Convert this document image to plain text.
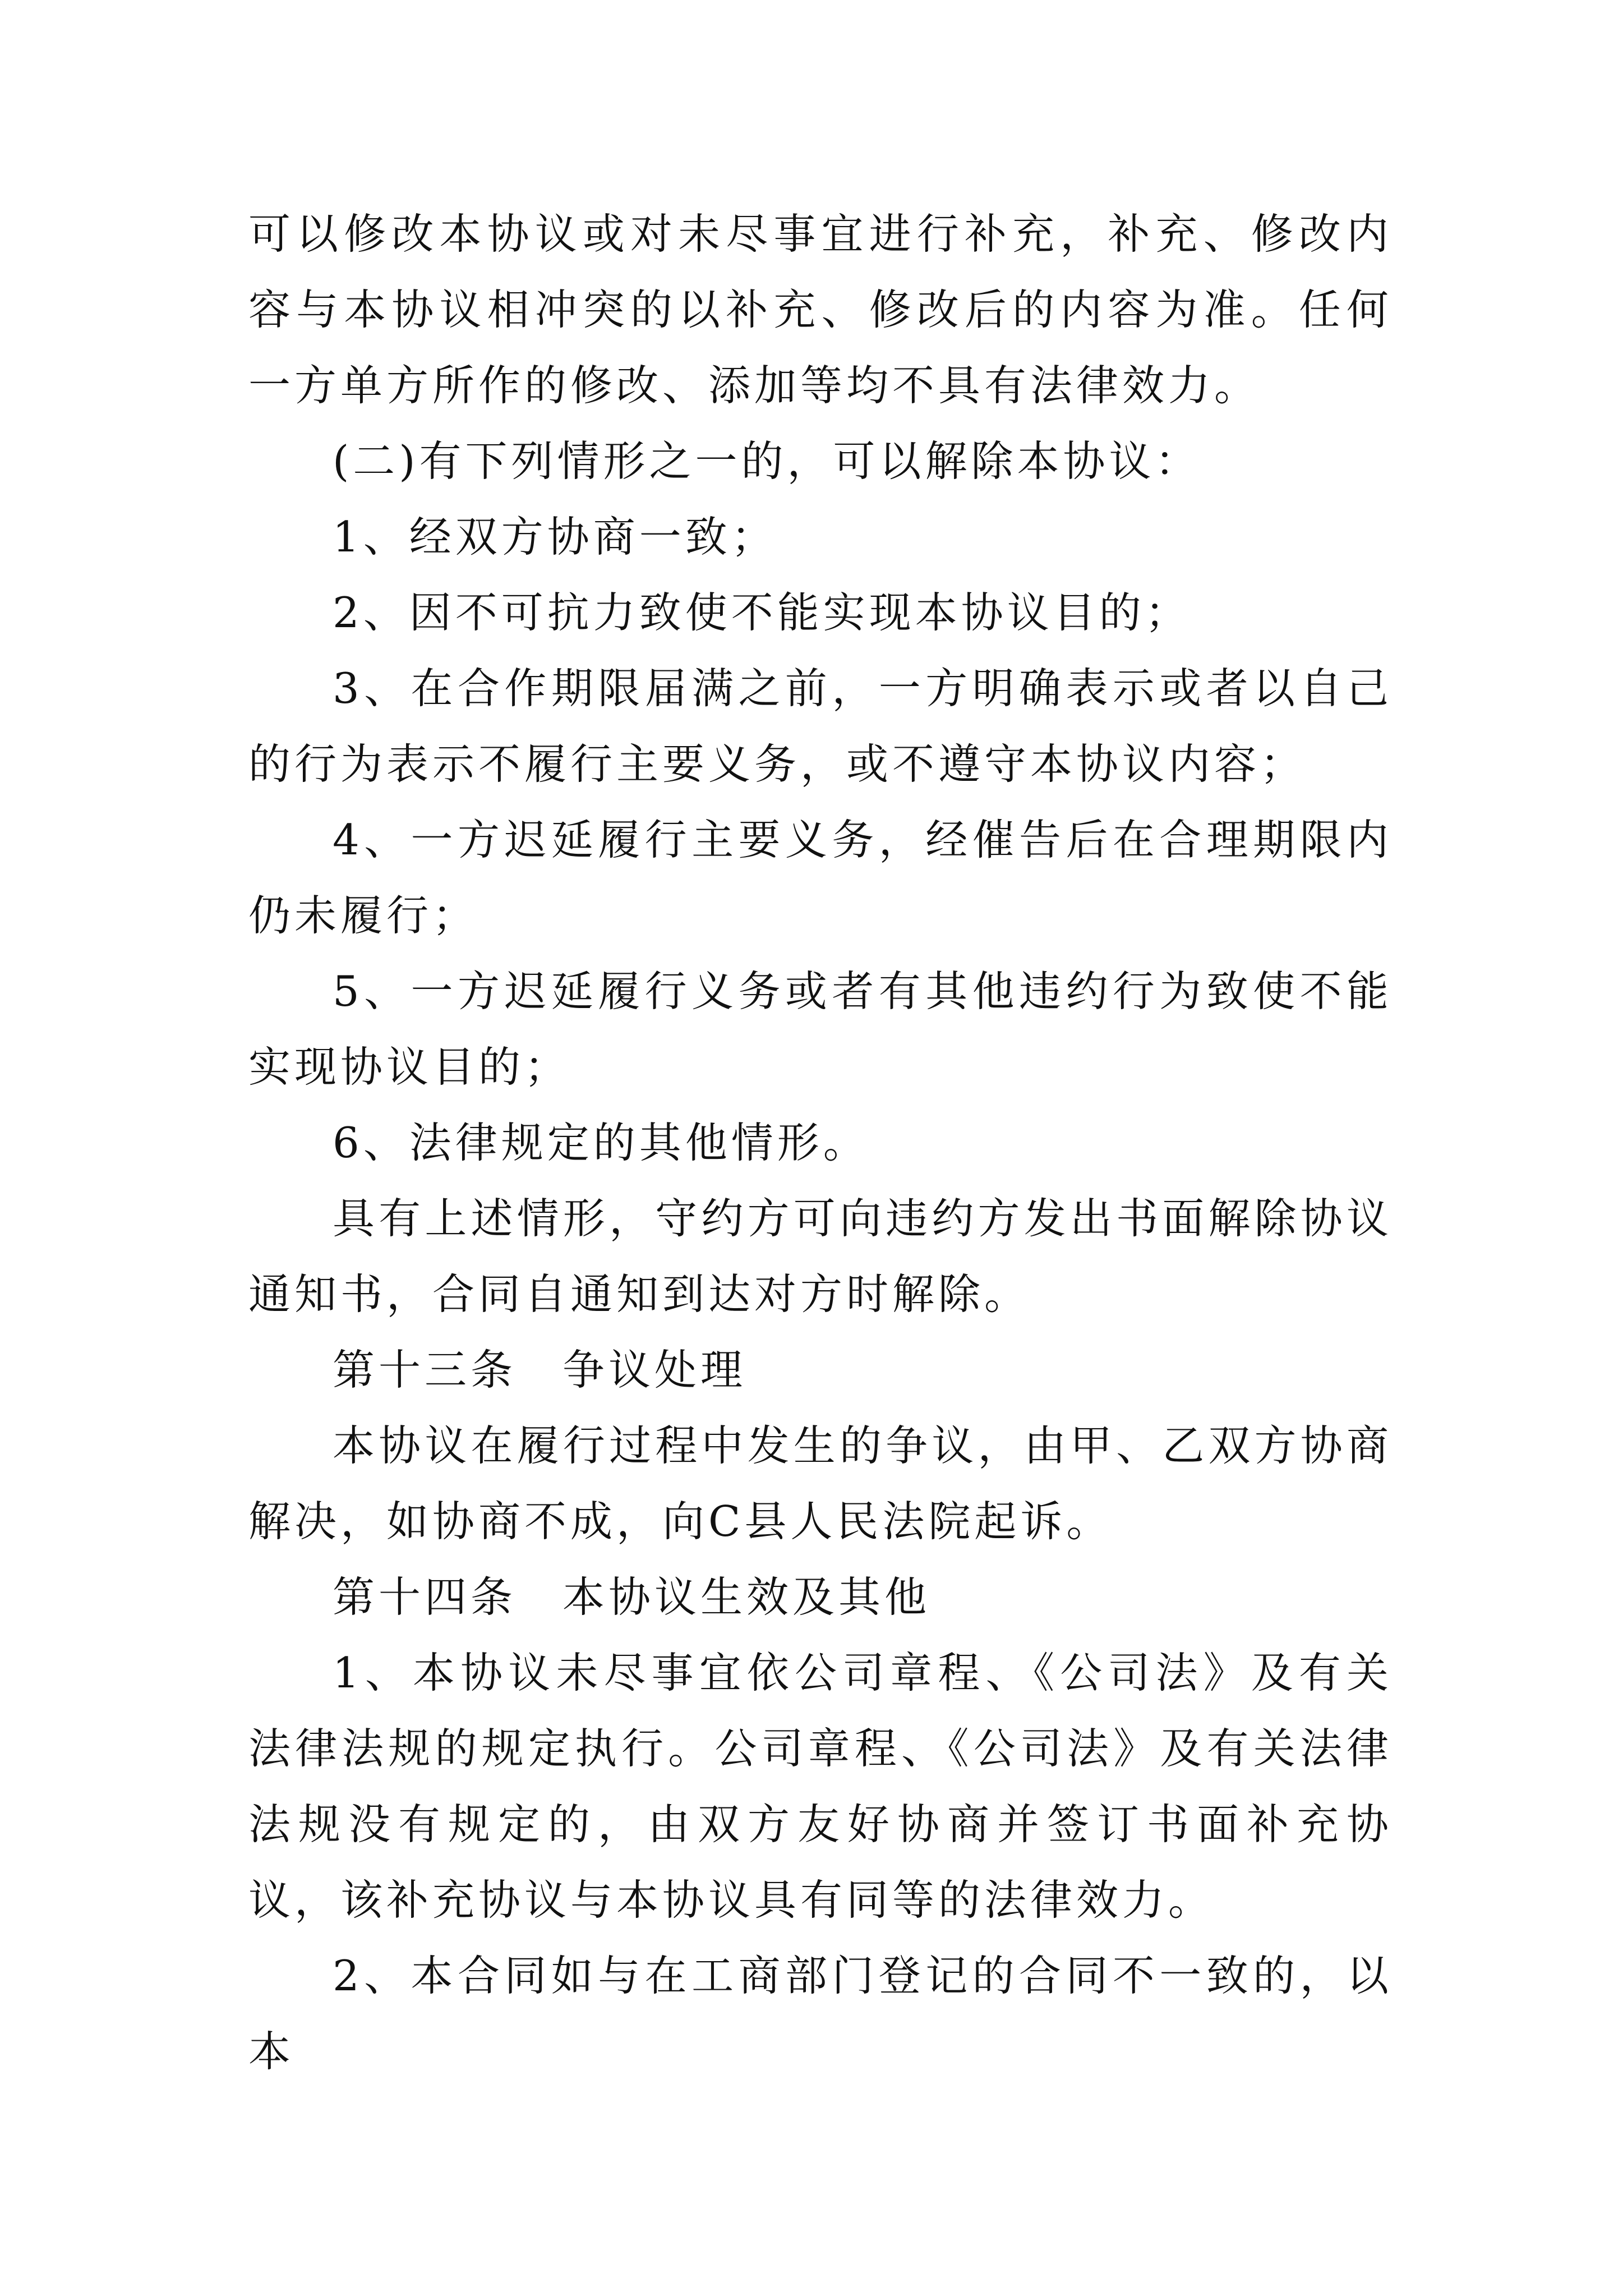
可以修改本协议或对未尽事宜进行补充，补充、修改内容与本协议相冲突的以补充、修改后的内容为准。任何一方单方所作的修改、添加等均不具有法律效力。

(二)有下列情形之一的，可以解除本协议：

1、经双方协商一致；

2、因不可抗力致使不能实现本协议目的；

3、在合作期限届满之前，一方明确表示或者以自己的行为表示不履行主要义务，或不遵守本协议内容；

4、一方迟延履行主要义务，经催告后在合理期限内仍未履行；

5、一方迟延履行义务或者有其他违约行为致使不能实现协议目的；

6、法律规定的其他情形。

具有上述情形，守约方可向违约方发出书面解除协议通知书，合同自通知到达对方时解除。

第十三条　争议处理

本协议在履行过程中发生的争议，由甲、乙双方协商解决，如协商不成，向C县人民法院起诉。

第十四条　本协议生效及其他

1、本协议未尽事宜依公司章程、《公司法》及有关法律法规的规定执行。公司章程、《公司法》及有关法律法规没有规定的，由双方友好协商并签订书面补充协议，该补充协议与本协议具有同等的法律效力。

2、本合同如与在工商部门登记的合同不一致的，以本
